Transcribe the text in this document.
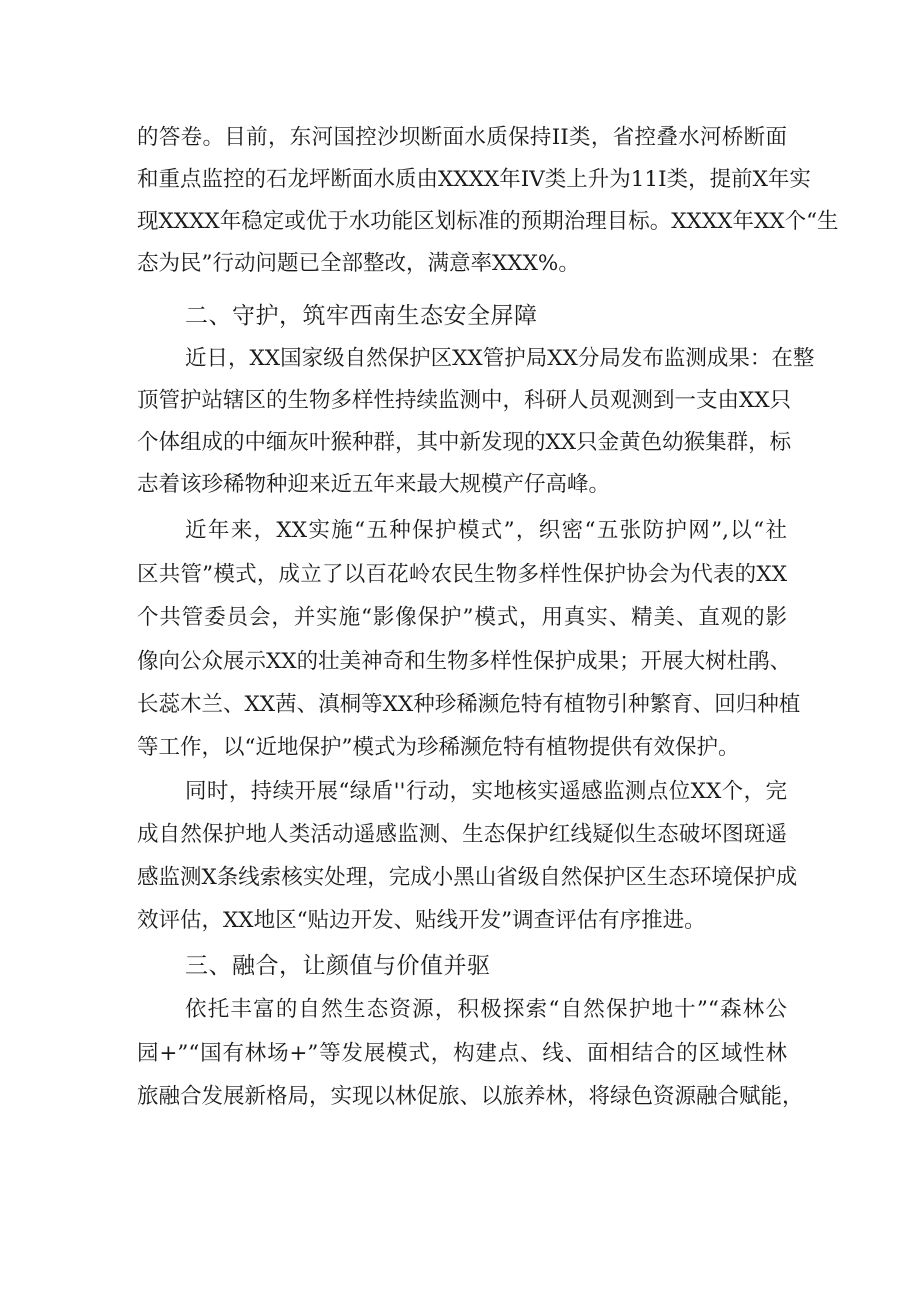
的答卷。目前，东河国控沙坝断面水质保持II类，省控叠水河桥断面
和重点监控的石龙坪断面水质由XXXX年IV类上升为11I类，提前X年实
现XXXX年稳定或优于水功能区划标准的预期治理目标。XXXX年XX个“生
态为民”行动问题已全部整改，满意率XXX%。
二、守护，筑牢西南生态安全屏障
近日，XX国家级自然保护区XX管护局XX分局发布监测成果：在整
顶管护站辖区的生物多样性持续监测中，科研人员观测到一支由XX只
个体组成的中缅灰叶猴种群，其中新发现的XX只金黄色幼猴集群，标
志着该珍稀物种迎来近五年来最大规模产仔高峰。
近年来，XX实施“五种保护模式”，织密“五张防护网”,以“社
区共管”模式，成立了以百花岭农民生物多样性保护协会为代表的XX
个共管委员会，并实施“影像保护”模式，用真实、精美、直观的影
像向公众展示XX的壮美神奇和生物多样性保护成果；开展大树杜鹃、
长蕊木兰、XX茜、滇桐等XX种珍稀濒危特有植物引种繁育、回归种植
等工作，以“近地保护”模式为珍稀濒危特有植物提供有效保护。
同时，持续开展“绿盾''行动，实地核实遥感监测点位XX个，完
成自然保护地人类活动遥感监测、生态保护红线疑似生态破坏图斑遥
感监测X条线索核实处理，完成小黑山省级自然保护区生态环境保护成
效评估，XX地区“贴边开发、贴线开发”调查评估有序推进。
三、融合，让颜值与价值并驱
依托丰富的自然生态资源，积极探索“自然保护地十”“森林公
园+”“国有林场+”等发展模式，构建点、线、面相结合的区域性林
旅融合发展新格局，实现以林促旅、以旅养林，将绿色资源融合赋能，
